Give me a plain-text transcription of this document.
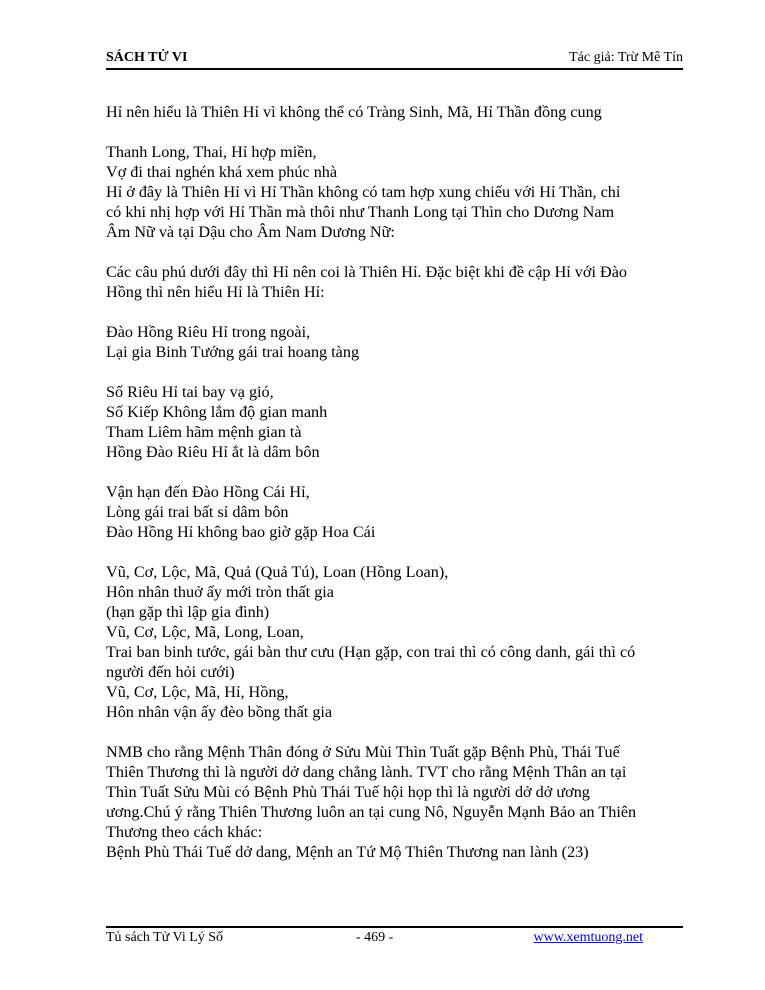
SÁCH TỬ VI	Tác giả: Trừ Mê Tín
Hỉ nên hiểu là Thiên Hỉ vì không thể có Tràng Sinh, Mã, Hỉ Thần đồng cung
Thanh Long, Thai, Hỉ hợp miền,
Vợ đi thai nghén khá xem phúc nhà
Hỉ ở đây là Thiên Hỉ vì Hỉ Thần không có tam hợp xung chiếu với Hỉ Thần, chỉ
có khi nhị hợp với Hỉ Thần mà thôi như Thanh Long tại Thìn cho Dương Nam
Âm Nữ và tại Dậu cho Âm Nam Dương Nữ:
Các câu phú dưới đây thì Hỉ nên coi là Thiên Hỉ. Đặc biệt khi đề cập Hỉ với Đào
Hồng thì nên hiểu Hỉ là Thiên Hỉ:
Đào Hồng Riêu Hỉ trong ngoài,
Lại gia Binh Tướng gái trai hoang tàng
Số Riêu Hỉ tai bay vạ gió,
Số Kiếp Không lắm độ gian manh
Tham Liêm hãm mệnh gian tà
Hồng Đào Riêu Hỉ ắt là dâm bôn
Vận hạn đến Đào Hồng Cái Hỉ,
Lòng gái trai bất sỉ dâm bôn
Đào Hồng Hỉ không bao giờ gặp Hoa Cái
Vũ, Cơ, Lộc, Mã, Quả (Quả Tú), Loan (Hồng Loan),
Hôn nhân thuở ấy mới tròn thất gia
(hạn gặp thì lập gia đình)
Vũ, Cơ, Lộc, Mã, Long, Loan,
Trai ban binh tước, gái bàn thư cưu (Hạn gặp, con trai thì có công danh, gái thì có
người đến hỏi cưới)
Vũ, Cơ, Lộc, Mã, Hỉ, Hồng,
Hôn nhân vận ấy đèo bồng thất gia
NMB cho rằng Mệnh Thân đóng ở Sửu Mùi Thìn Tuất gặp Bệnh Phù, Thái Tuế
Thiên Thương thì là người dở dang chẳng lành. TVT cho rằng Mệnh Thân an tại
Thìn Tuất Sửu Mùi có Bệnh Phù Thái Tuế hội họp thì là người dở dở ương
ương.Chú ý rằng Thiên Thương luôn an tại cung Nô, Nguyễn Mạnh Bảo an Thiên
Thương theo cách khác:
Bệnh Phù Thái Tuế dở dang, Mệnh an Tứ Mộ Thiên Thương nan lành (23)
Tủ sách Tử Vi Lý Số	- 469 -	www.xemtuong.net
